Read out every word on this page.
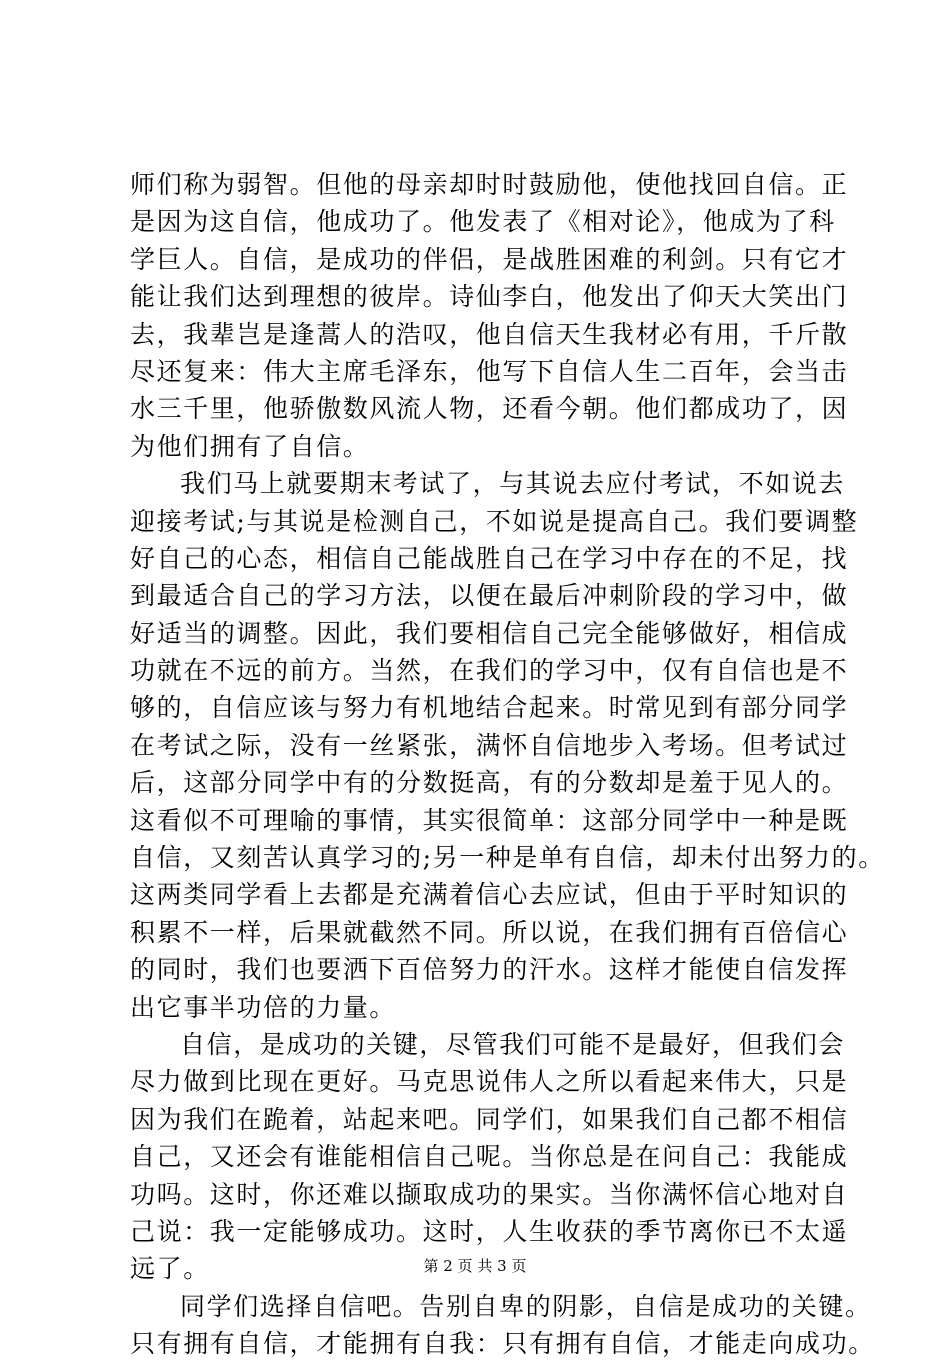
师们称为弱智。但他的母亲却时时鼓励他，使他找回自信。正
是因为这自信，他成功了。他发表了《相对论》，他成为了科
学巨人。自信，是成功的伴侣，是战胜困难的利剑。只有它才
能让我们达到理想的彼岸。诗仙李白，他发出了仰天大笑出门
去，我辈岂是逢蒿人的浩叹，他自信天生我材必有用，千斤散
尽还复来：伟大主席毛泽东，他写下自信人生二百年，会当击
水三千里，他骄傲数风流人物，还看今朝。他们都成功了，因
为他们拥有了自信。
我们马上就要期末考试了，与其说去应付考试，不如说去
迎接考试;与其说是检测自己，不如说是提高自己。我们要调整
好自己的心态，相信自己能战胜自己在学习中存在的不足，找
到最适合自己的学习方法，以便在最后冲刺阶段的学习中，做
好适当的调整。因此，我们要相信自己完全能够做好，相信成
功就在不远的前方。当然，在我们的学习中，仅有自信也是不
够的，自信应该与努力有机地结合起来。时常见到有部分同学
在考试之际，没有一丝紧张，满怀自信地步入考场。但考试过
后，这部分同学中有的分数挺高，有的分数却是羞于见人的。
这看似不可理喻的事情，其实很简单：这部分同学中一种是既
自信，又刻苦认真学习的;另一种是单有自信，却未付出努力的。
这两类同学看上去都是充满着信心去应试，但由于平时知识的
积累不一样，后果就截然不同。所以说，在我们拥有百倍信心
的同时，我们也要洒下百倍努力的汗水。这样才能使自信发挥
出它事半功倍的力量。
自信，是成功的关键，尽管我们可能不是最好，但我们会
尽力做到比现在更好。马克思说伟人之所以看起来伟大，只是
因为我们在跪着，站起来吧。同学们，如果我们自己都不相信
自己，又还会有谁能相信自己呢。当你总是在问自己：我能成
功吗。这时，你还难以撷取成功的果实。当你满怀信心地对自
己说：我一定能够成功。这时，人生收获的季节离你已不太遥
远了。
同学们选择自信吧。告别自卑的阴影，自信是成功的关键。
只有拥有自信，才能拥有自我：只有拥有自信，才能走向成功。
第 2 页 共 3 页
